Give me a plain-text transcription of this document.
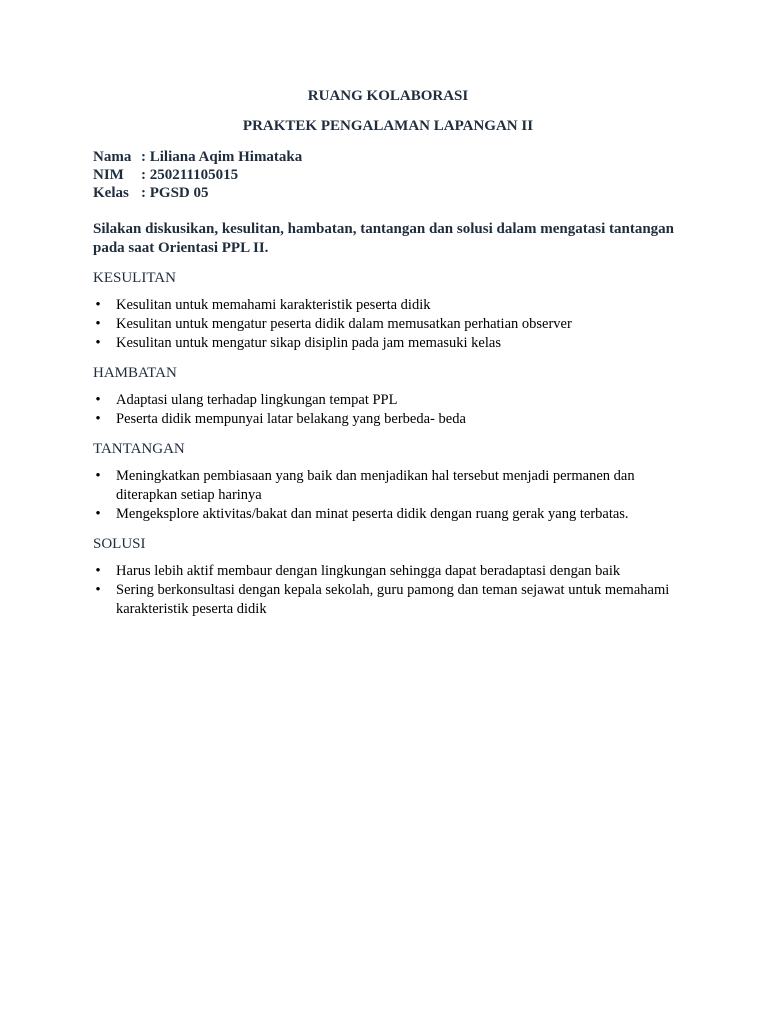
RUANG KOLABORASI

PRAKTEK PENGALAMAN LAPANGAN II

Nama : Liliana Aqim Himataka
NIM	: 250211105015
Kelas : PGSD 05
Silakan diskusikan, kesulitan, hambatan, tantangan dan solusi dalam mengatasi tantangan pada saat Orientasi PPL II.
KESULITAN
•
Kesulitan untuk memahami karakteristik peserta didik
•
Kesulitan untuk mengatur peserta didik dalam memusatkan perhatian observer
•
Kesulitan untuk mengatur sikap disiplin pada jam memasuki kelas
HAMBATAN
•
Adaptasi ulang terhadap lingkungan tempat PPL
•
Peserta didik mempunyai latar belakang yang berbeda- beda
TANTANGAN
•
Meningkatkan pembiasaan yang baik dan menjadikan hal tersebut menjadi permanen dan diterapkan setiap harinya
•
Mengeksplore aktivitas/bakat dan minat peserta didik dengan ruang gerak yang terbatas.
SOLUSI
•
Harus lebih aktif membaur dengan lingkungan sehingga dapat beradaptasi dengan baik
•
Sering berkonsultasi dengan kepala sekolah, guru pamong dan teman sejawat untuk memahami karakteristik peserta didik
